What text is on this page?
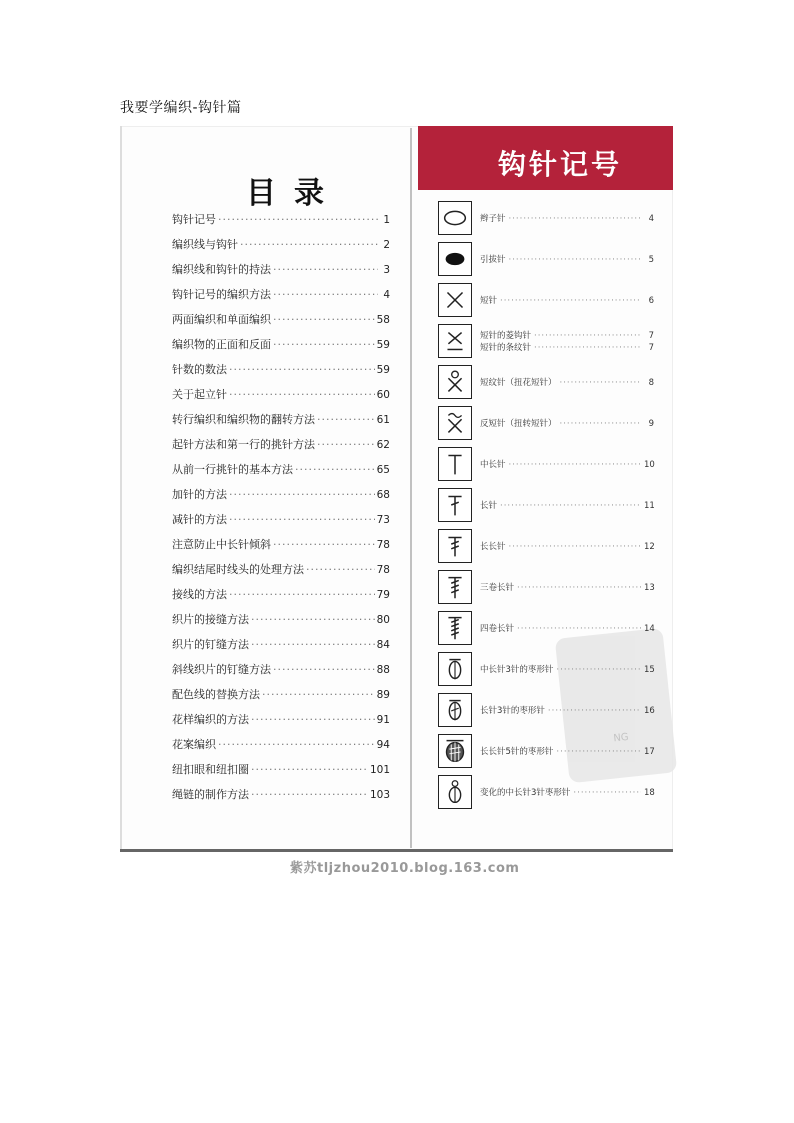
我要学编织-钩针篇
目录
钩针记号 ·····	1
编织线与钩针 ·····	2
编织线和钩针的持法 ·····	3
钩针记号的编织方法 ·····	4
两面编织和单面编织 ·····	58
编织物的正面和反面 ·····	59
针数的数法 ·····	59
关于起立针 ·····	60
转行编织和编织物的翻转方法 ·····	61
起针方法和第一行的挑针方法 ·····	62
从前一行挑针的基本方法 ·····	65
加针的方法 ·····	68
减针的方法 ·····	73
注意防止中长针倾斜 ·····	78
编织结尾时线头的处理方法 ·····	78
接线的方法 ·····	79
织片的接缝方法 ·····	80
织片的钉缝方法 ·····	84
斜线织片的钉缝方法 ·····	88
配色线的替换方法 ·····	89
花样编织的方法 ·····	91
花案编织 ·····	94
纽扣眼和纽扣圈 ·····	101
绳链的制作方法 ·····	103
钩针记号
NG
辫子针 ·····	4
引拔针 ·····	5
短针 ·····	6
短针的菱钩针 ·····	7
短针的条纹针 ·····	7
短纹针（扭花短针） ·····	8
反短针（扭转短针） ·····	9
中长针 ·····	10
长针 ·····	11
长长针 ·····	12
三卷长针 ·····	13
四卷长针 ·····	14
中长针3针的枣形针 ·····	15
长针3针的枣形针 ·····	16
长长针5针的枣形针 ·····	17
变化的中长针3针枣形针 ·····	18
紫苏tljzhou2010.blog.163.com
